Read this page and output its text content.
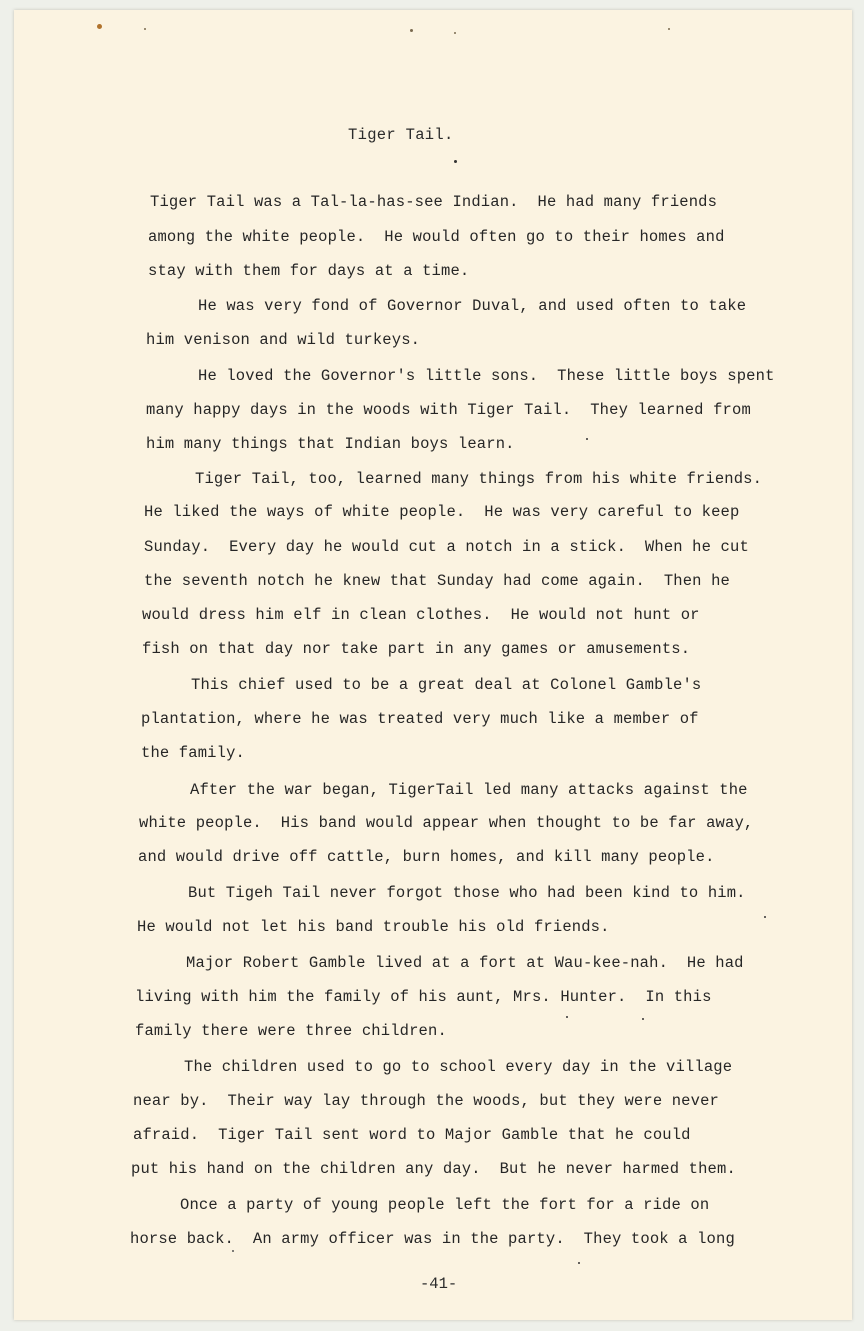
Tiger Tail.
Tiger Tail was a Tal-la-has-see Indian.  He had many friends
among the white people.  He would often go to their homes and
stay with them for days at a time.
He was very fond of Governor Duval, and used often to take
him venison and wild turkeys.
He loved the Governor's little sons.  These little boys spent
many happy days in the woods with Tiger Tail.  They learned from
him many things that Indian boys learn.
Tiger Tail, too, learned many things from his white friends.
He liked the ways of white people.  He was very careful to keep
Sunday.  Every day he would cut a notch in a stick.  When he cut
the seventh notch he knew that Sunday had come again.  Then he
would dress him elf in clean clothes.  He would not hunt or
fish on that day nor take part in any games or amusements.
This chief used to be a great deal at Colonel Gamble's
plantation, where he was treated very much like a member of
the family.
After the war began, TigerTail led many attacks against the
white people.  His band would appear when thought to be far away,
and would drive off cattle, burn homes, and kill many people.
But Tigeh Tail never forgot those who had been kind to him.
He would not let his band trouble his old friends.
Major Robert Gamble lived at a fort at Wau-kee-nah.  He had
living with him the family of his aunt, Mrs. Hunter.  In this
family there were three children.
The children used to go to school every day in the village
near by.  Their way lay through the woods, but they were never
afraid.  Tiger Tail sent word to Major Gamble that he could
put his hand on the children any day.  But he never harmed them.
Once a party of young people left the fort for a ride on
horse back.  An army officer was in the party.  They took a long
-41-
